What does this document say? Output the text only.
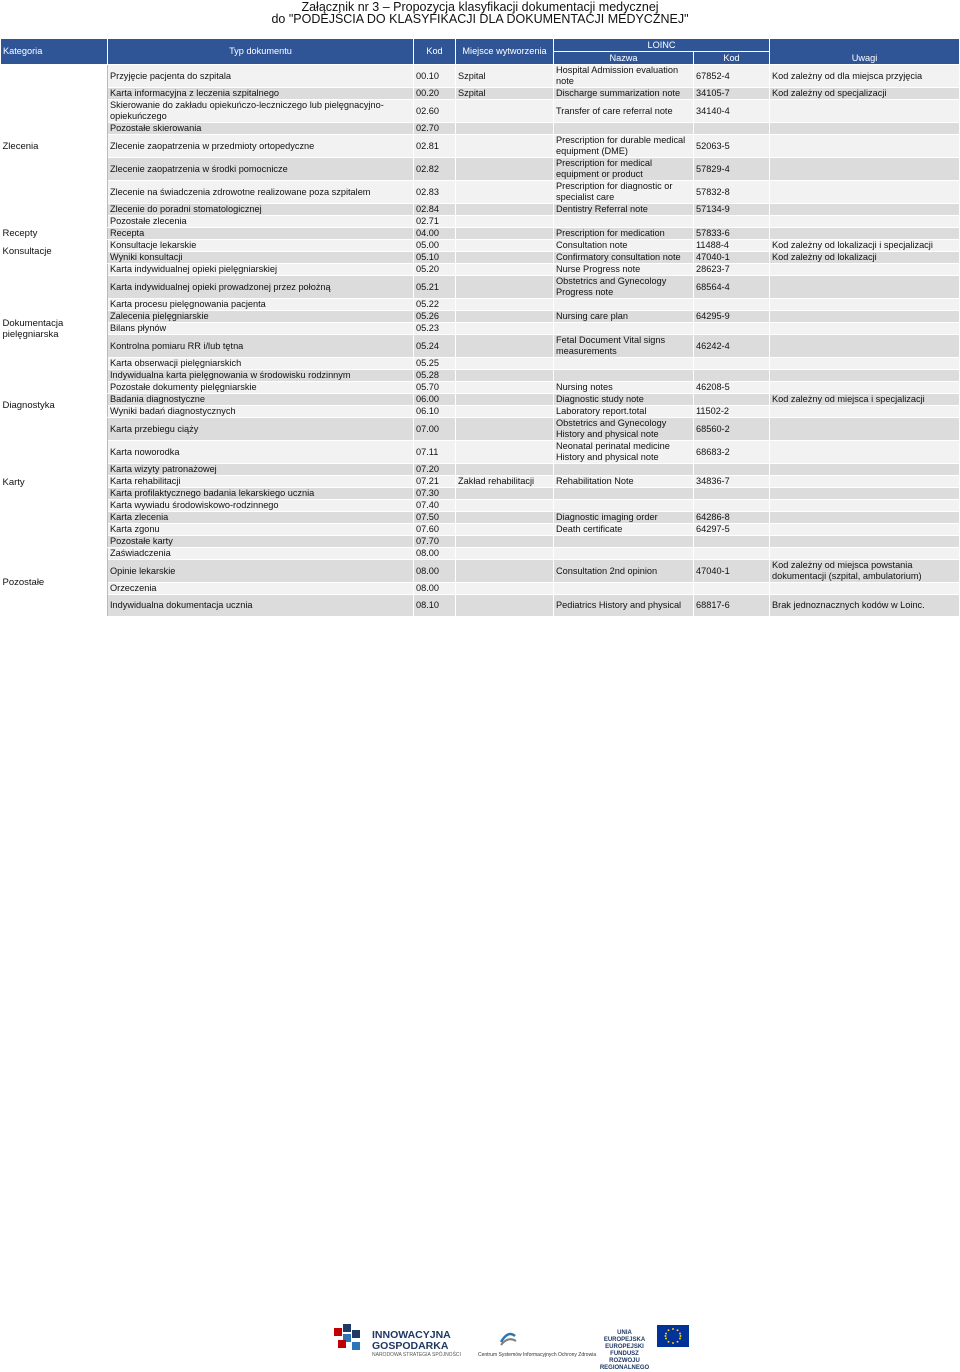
Załącznik nr 3 – Propozycja klasyfikacji dokumentacji medycznej
do "PODEJŚCIA DO KLASYFIKACJI DLA DOKUMENTACJI MEDYCZNEJ"
Kategoria	Typ dokumentu	Kod	Miejsce wytworzenia	LOINC		Uwagi
				Nazwa	Kod	
Zlecenia	Przyjęcie pacjenta do szpitala	00.10	Szpital	Hospital Admission evaluation note	67852-4	Kod zależny od dla miejsca przyjęcia
	Karta informacyjna z leczenia szpitalnego	00.20	Szpital	Discharge summarization note	34105-7	Kod zależny od specjalizacji
	Skierowanie do zakładu opiekuńczo-leczniczego lub pielęgnacyjno-opiekuńczego	02.60		Transfer of care referral note	34140-4	
	Pozostałe skierowania	02.70				
	Zlecenie zaopatrzenia w przedmioty ortopedyczne	02.81		Prescription for durable medical equipment (DME)	52063-5	
	Zlecenie zaopatrzenia w środki pomocnicze	02.82		Prescription for medical equipment or product	57829-4	
	Zlecenie na świadczenia zdrowotne realizowane poza szpitalem	02.83		Prescription for diagnostic or specialist care	57832-8	
	Zlecenie do poradni stomatologicznej	02.84		Dentistry Referral note	57134-9	
	Pozostałe zlecenia	02.71				
Recepty	Recepta	04.00		Prescription for medication	57833-6	
Konsultacje	Konsultacje lekarskie	05.00		Consultation note	11488-4	Kod zależny od lokalizacji i specjalizacji
	Wyniki konsultacji	05.10		Confirmatory consultation note	47040-1	Kod zależny od lokalizacji
Dokumentacja pielęgniarska	Karta indywidualnej opieki pielęgniarskiej	05.20		Nurse Progress note	28623-7	
	Karta indywidualnej opieki prowadzonej przez położną	05.21		Obstetrics and Gynecology Progress note	68564-4	
	Karta procesu pielęgnowania pacjenta	05.22				
	Zalecenia pielęgniarskie	05.26		Nursing care plan	64295-9	
	Bilans płynów	05.23				
	Kontrolna pomiaru RR i/lub tętna	05.24		Fetal Document Vital signs measurements	46242-4	
	Karta obserwacji pielęgniarskich	05.25				
	Indywidualna karta pielęgnowania w środowisku rodzinnym	05.28				
	Pozostałe dokumenty pielęgniarskie	05.70		Nursing notes	46208-5	
Diagnostyka	Badania diagnostyczne	06.00		Diagnostic study note		Kod zależny od miejsca i specjalizacji
	Wyniki badań diagnostycznych	06.10		Laboratory report.total	11502-2	
Karty	Karta przebiegu ciąży	07.00		Obstetrics and Gynecology History and physical note	68560-2	
	Karta noworodka	07.11		Neonatal perinatal medicine History and physical note	68683-2	
	Karta wizyty patronażowej	07.20				
	Karta rehabilitacji	07.21	Zakład rehabilitacji	Rehabilitation Note	34836-7	
	Karta profilaktycznego badania lekarskiego ucznia	07.30				
	Karta wywiadu środowiskowo-rodzinnego	07.40				
	Karta zlecenia	07.50		Diagnostic imaging order	64286-8	
	Karta zgonu	07.60		Death certificate	64297-5	
	Pozostałe karty	07.70				
Pozostałe	Zaświadczenia	08.00				
	Opinie lekarskie	08.00		Consultation 2nd opinion	47040-1	Kod zależny od miejsca powstania dokumentacji (szpital, ambulatorium)
	Orzeczenia	08.00				
	Indywidualna dokumentacja ucznia	08.10		Pediatrics History and physical	68817-6	Brak jednoznacznych kodów w Loinc.
INNOWACYJNA
GOSPODARKA
NARODOWA STRATEGIA SPÓJNOŚCI	Centrum Systemów Informacyjnych Ochrony Zdrowia
UNIA EUROPEJSKA EUROPEJSKI FUNDUSZ ROZWOJU REGIONALNEGO
